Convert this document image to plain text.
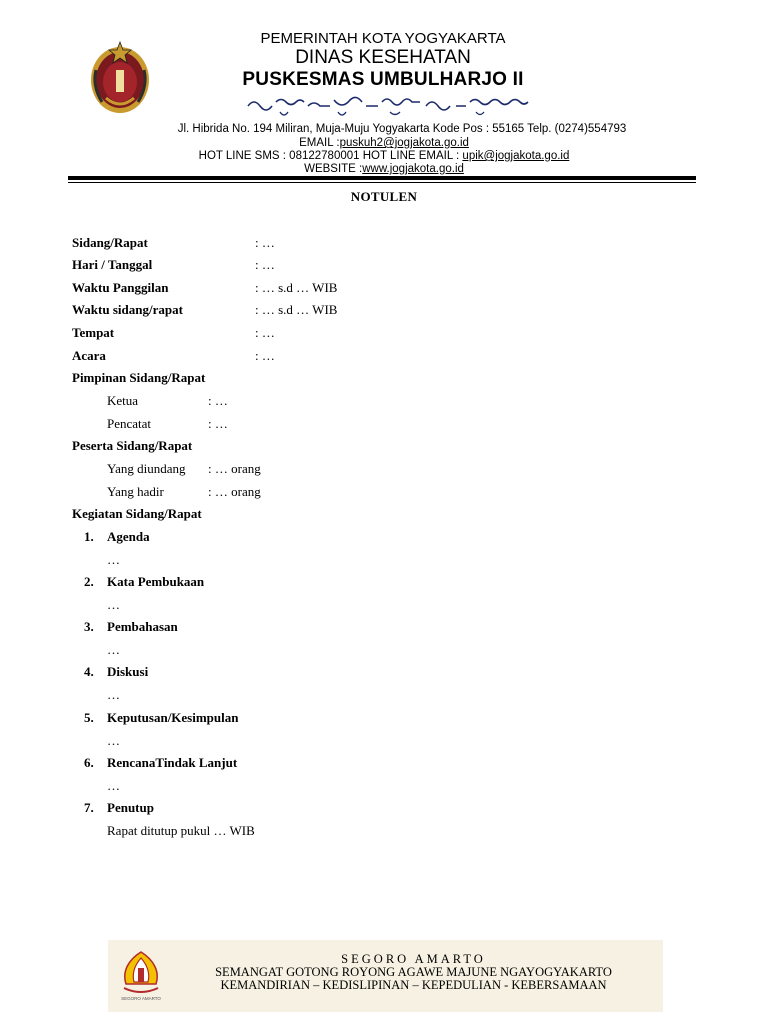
PEMERINTAH KOTA YOGYAKARTA
DINAS KESEHATAN
PUSKESMAS UMBULHARJO II
Jl. Hibrida No. 194 Miliran, Muja-Muju Yogyakarta Kode Pos : 55165 Telp. (0274)554793
EMAIL :puskuh2@jogjakota.go.id
HOT LINE SMS : 08122780001 HOT LINE EMAIL : upik@jogjakota.go.id
WEBSITE :www.jogjakota.go.id
NOTULEN
Sidang/Rapat	: …
Hari / Tanggal	: …
Waktu Panggilan	: … s.d … WIB
Waktu sidang/rapat	: … s.d … WIB
Tempat	: …
Acara	: …
Pimpinan Sidang/Rapat
Ketua	: …
Pencatat	: …
Peserta Sidang/Rapat
Yang diundang : … orang
Yang hadir	: … orang
Kegiatan Sidang/Rapat
1. Agenda
…
2. Kata Pembukaan
…
3. Pembahasan
…
4. Diskusi
…
5. Keputusan/Kesimpulan
…
6. RencanaTindak Lanjut
…
7. Penutup
Rapat ditutup pukul … WIB
SEGORO AMARTO
SEGORO AMARTO
SEMANGAT GOTONG ROYONG AGAWE MAJUNE NGAYOGYAKARTO
KEMANDIRIAN – KEDISLIPINAN – KEPEDULIAN - KEBERSAMAAN
